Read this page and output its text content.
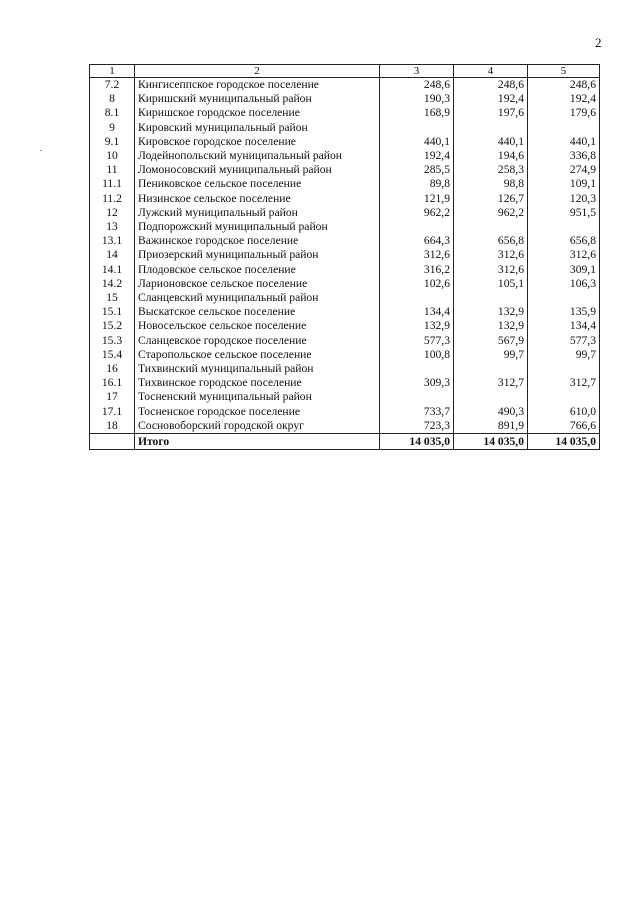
2
1	2	3	4	5
7.2	Кингисеппское городское поселение	248,6	248,6	248,6
8	Киришский муниципальный район	190,3	192,4	192,4
8.1	Киришское городское поселение	168,9	197,6	179,6
9	Кировский муниципальный район			
9.1	Кировское городское поселение	440,1	440,1	440,1
10	Лодейнопольский муниципальный район	192,4	194,6	336,8
11	Ломоносовский муниципальный район	285,5	258,3	274,9
11.1	Пениковское сельское поселение	89,8	98,8	109,1
11.2	Низинское сельское поселение	121,9	126,7	120,3
12	Лужский муниципальный район	962,2	962,2	951,5
13	Подпорожский муниципальный район			
13.1	Важинское городское поселение	664,3	656,8	656,8
14	Приозерский муниципальный район	312,6	312,6	312,6
14.1	Плодовское сельское поселение	316,2	312,6	309,1
14.2	Ларионовское сельское поселение	102,6	105,1	106,3
15	Сланцевский муниципальный район			
15.1	Выскатское сельское поселение	134,4	132,9	135,9
15.2	Новосельское сельское поселение	132,9	132,9	134,4
15.3	Сланцевское городское поселение	577,3	567,9	577,3
15.4	Старопольское сельское поселение	100,8	99,7	99,7
16	Тихвинский муниципальный район			
16.1	Тихвинское городское поселение	309,3	312,7	312,7
17	Тосненский муниципальный район			
17.1	Тосненское городское поселение	733,7	490,3	610,0
18	Сосновоборский городской округ	723,3	891,9	766,6
	Итого	14 035,0	14 035,0	14 035,0
